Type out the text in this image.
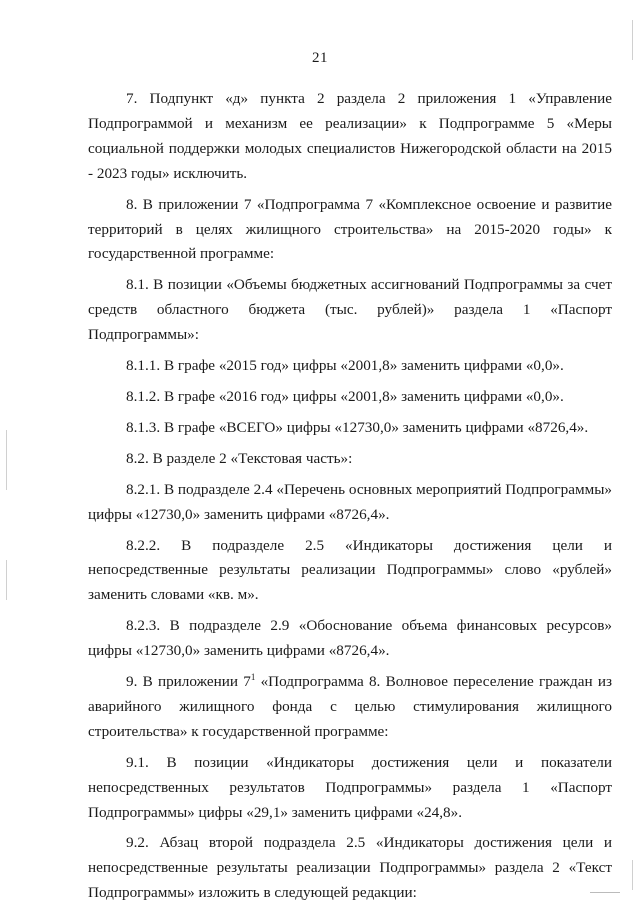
21

7. Подпункт «д» пункта 2 раздела 2 приложения 1 «Управление Подпрограммой и механизм ее реализации» к Подпрограмме 5 «Меры социальной поддержки молодых специалистов Нижегородской области на 2015 - 2023 годы» исключить.

8. В приложении 7 «Подпрограмма 7 «Комплексное освоение и развитие территорий в целях жилищного строительства» на 2015-2020 годы» к государственной программе:

8.1. В позиции «Объемы бюджетных ассигнований Подпрограммы за счет средств областного бюджета (тыс. рублей)» раздела 1 «Паспорт Подпрограммы»:

8.1.1. В графе «2015 год» цифры «2001,8» заменить цифрами «0,0».

8.1.2. В графе «2016 год» цифры «2001,8» заменить цифрами «0,0».

8.1.3. В графе «ВСЕГО» цифры «12730,0» заменить цифрами «8726,4».

8.2. В разделе 2 «Текстовая часть»:

8.2.1. В подразделе 2.4 «Перечень основных мероприятий Подпрограммы» цифры «12730,0» заменить цифрами «8726,4».

8.2.2. В подразделе 2.5 «Индикаторы достижения цели и непосредственные результаты реализации Подпрограммы» слово «рублей» заменить словами «кв. м».

8.2.3. В подразделе 2.9 «Обоснование объема финансовых ресурсов» цифры «12730,0» заменить цифрами «8726,4».

9. В приложении $7^1$ «Подпрограмма 8. Волновое переселение граждан из аварийного жилищного фонда с целью стимулирования жилищного строительства» к государственной программе:

9.1. В позиции «Индикаторы достижения цели и показатели непосредственных результатов Подпрограммы» раздела 1 «Паспорт Подпрограммы» цифры «29,1» заменить цифрами «24,8».

9.2. Абзац второй подраздела 2.5 «Индикаторы достижения цели и непосредственные результаты реализации Подпрограммы» раздела 2 «Текст Подпрограммы» изложить в следующей редакции:
